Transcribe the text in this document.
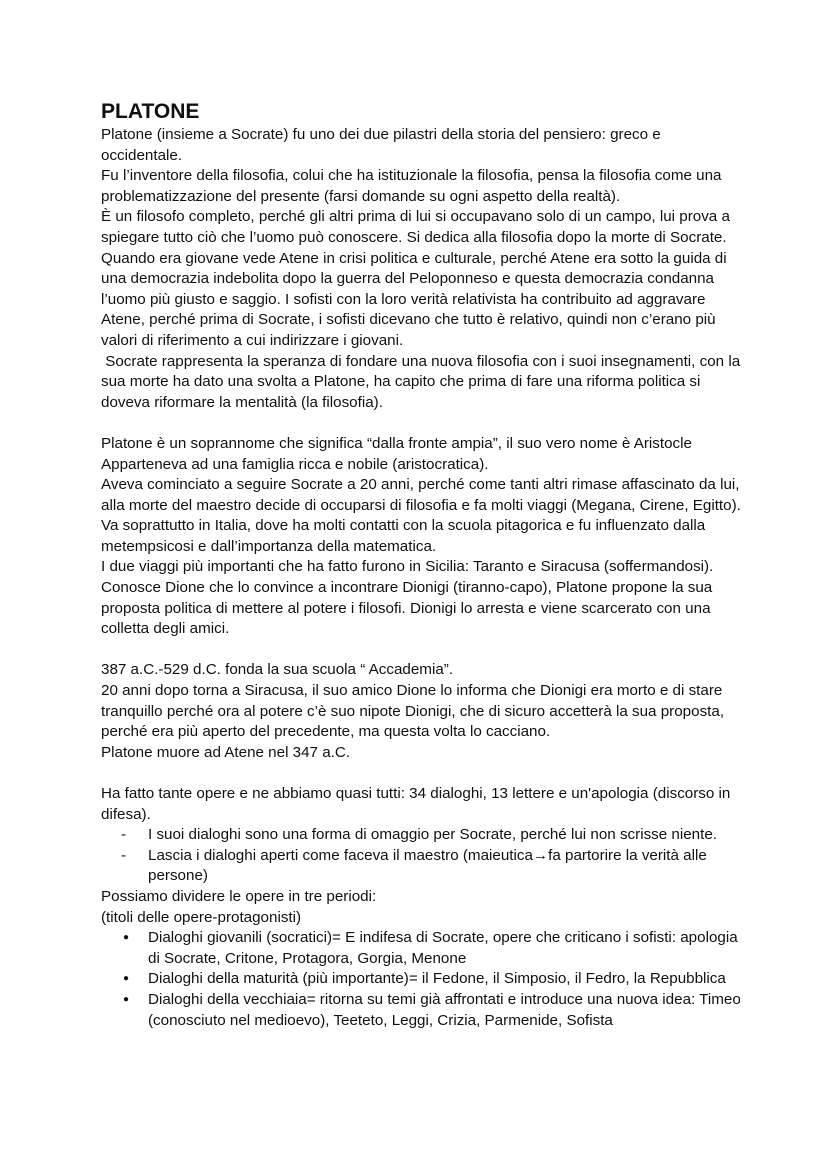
PLATONE

Platone (insieme a Socrate) fu uno dei due pilastri della storia del pensiero: greco e occidentale.

Fu l’inventore della filosofia, colui che ha istituzionale la filosofia, pensa la filosofia come una problematizzazione del presente (farsi domande su ogni aspetto della realtà).

È un filosofo completo, perché gli altri prima di lui si occupavano solo di un campo, lui prova a spiegare tutto ciò che l’uomo può conoscere. Si dedica alla filosofia dopo la morte di Socrate.

Quando era giovane vede Atene in crisi politica e culturale, perché Atene era sotto la guida di una democrazia indebolita dopo la guerra del Peloponneso e questa democrazia condanna l’uomo più giusto e saggio. I sofisti con la loro verità relativista ha contribuito ad aggravare Atene, perché prima di Socrate, i sofisti dicevano che tutto è relativo, quindi non c’erano più valori di riferimento a cui indirizzare i giovani.

Socrate rappresenta la speranza di fondare una nuova filosofia con i suoi insegnamenti, con la sua morte ha dato una svolta a Platone, ha capito che prima di fare una riforma politica si doveva riformare la mentalità (la filosofia).

Platone è un soprannome che significa “dalla fronte ampia”, il suo vero nome è Aristocle

Apparteneva ad una famiglia ricca e nobile (aristocratica).

Aveva cominciato a seguire Socrate a 20 anni, perché come tanti altri rimase affascinato da lui, alla morte del maestro decide di occuparsi di filosofia e fa molti viaggi (Megana, Cirene, Egitto). Va soprattutto in Italia, dove ha molti contatti con la scuola pitagorica e fu influenzato dalla metempsicosi e dall’importanza della matematica.

I due viaggi più importanti che ha fatto furono in Sicilia: Taranto e Siracusa (soffermandosi).

Conosce Dione che lo convince a incontrare Dionigi (tiranno-capo), Platone propone la sua proposta politica di mettere al potere i filosofi. Dionigi lo arresta e viene scarcerato con una colletta degli amici.

387 a.C.-529 d.C. fonda la sua scuola “ Accademia”.

20 anni dopo torna a Siracusa, il suo amico Dione lo informa che Dionigi era morto e di stare tranquillo perché ora al potere c’è suo nipote Dionigi, che di sicuro accetterà la sua proposta, perché era più aperto del precedente, ma questa volta lo cacciano.

Platone muore ad Atene nel 347 a.C.

Ha fatto tante opere e ne abbiamo quasi tutti: 34 dialoghi, 13 lettere e un'apologia (discorso in difesa).

- I suoi dialoghi sono una forma di omaggio per Socrate, perché lui non scrisse niente.
- Lascia i dialoghi aperti come faceva il maestro (maieutica→fa partorire la verità alle persone)

Possiamo dividere le opere in tre periodi:

(titoli delle opere-protagonisti)

● Dialoghi giovanili (socratici)= E indifesa di Socrate, opere che criticano i sofisti: apologia di Socrate, Critone, Protagora, Gorgia, Menone
● Dialoghi della maturità (più importante)= il Fedone, il Simposio, il Fedro, la Repubblica
● Dialoghi della vecchiaia= ritorna su temi già affrontati e introduce una nuova idea: Timeo (conosciuto nel medioevo), Teeteto, Leggi, Crizia, Parmenide, Sofista
